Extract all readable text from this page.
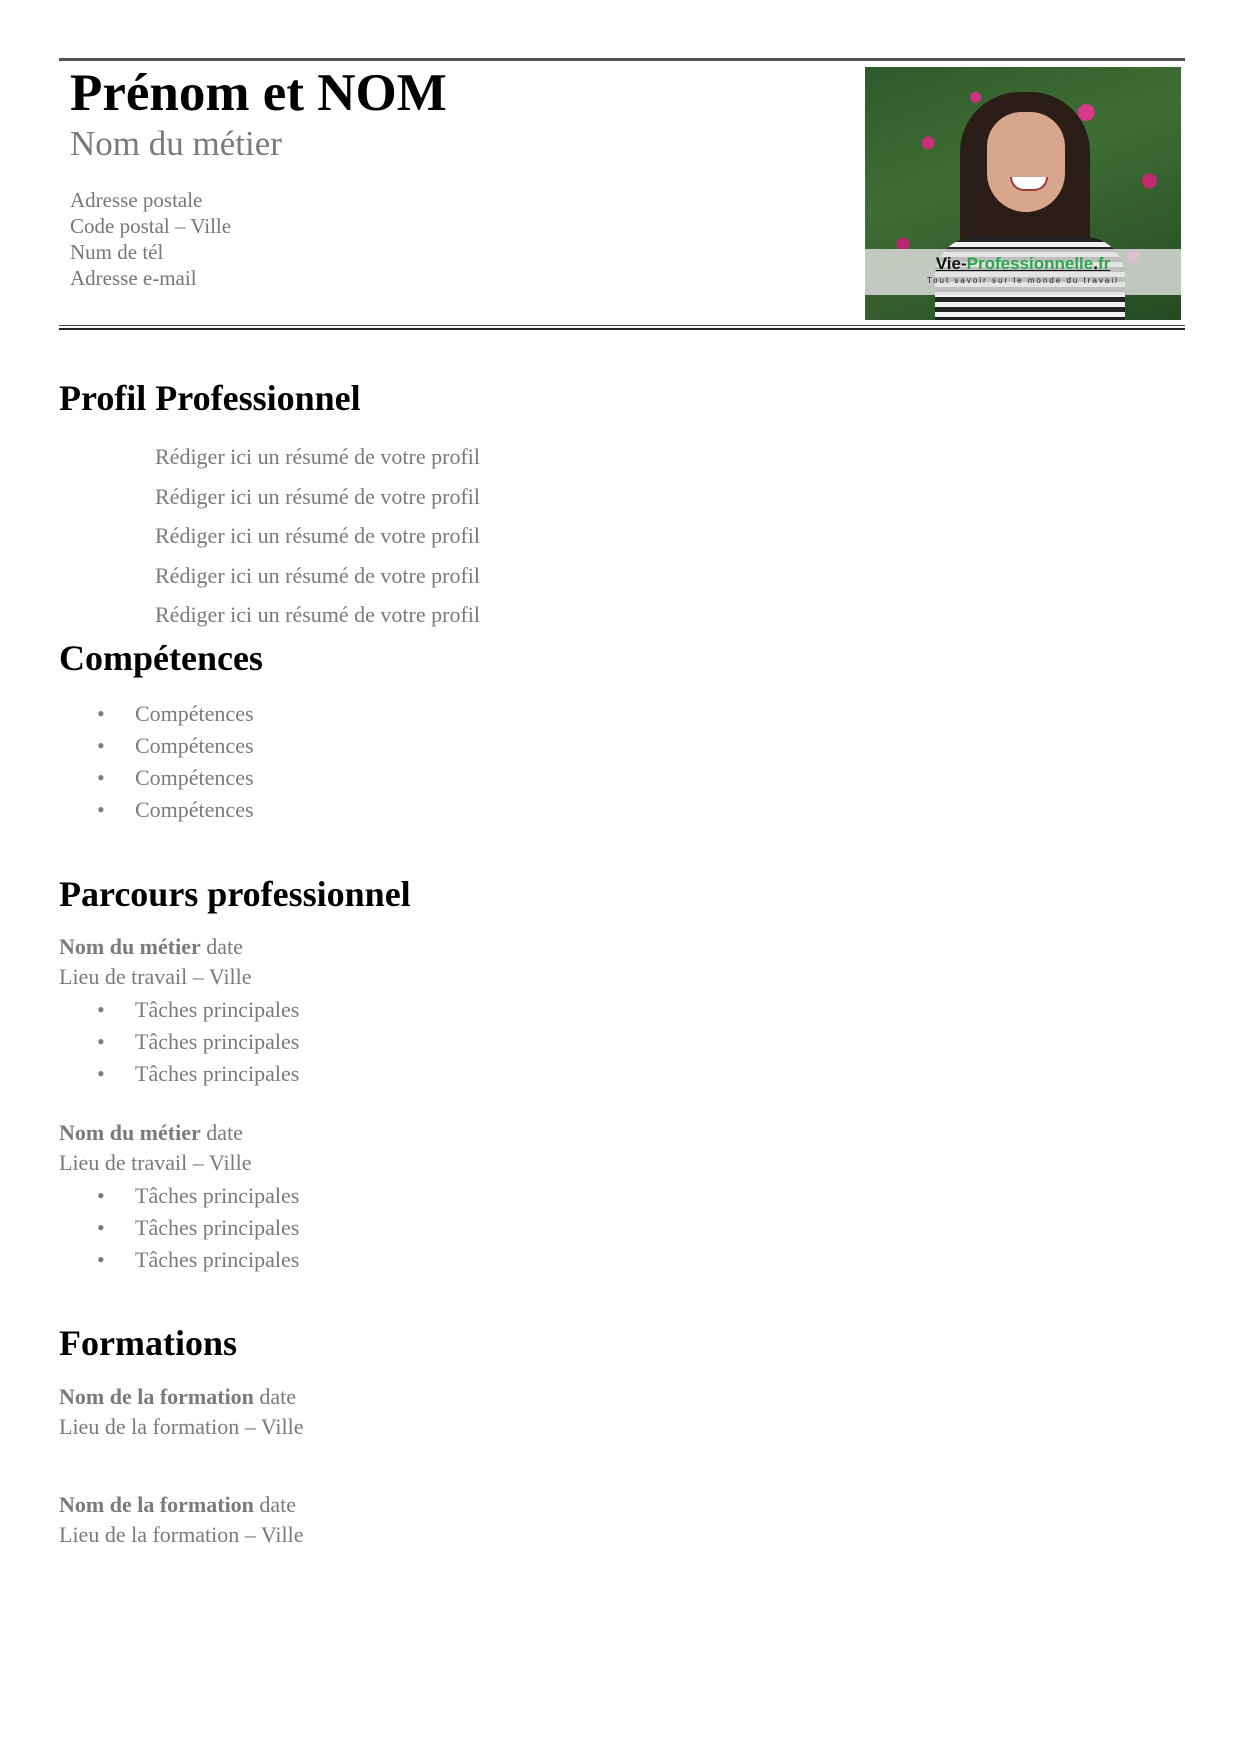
Prénom et NOM

Nom du métier

Adresse postale
Code postal – Ville
Num de tél
Adresse e-mail
Vie-Professionnelle.fr
Tout savoir sur le monde du travail
Profil Professionnel
Rédiger ici un résumé de votre profil
Rédiger ici un résumé de votre profil
Rédiger ici un résumé de votre profil
Rédiger ici un résumé de votre profil
Rédiger ici un résumé de votre profil
Compétences
• Compétences
• Compétences
• Compétences
• Compétences
Parcours professionnel
Nom du métier date
Lieu de travail – Ville
• Tâches principales
• Tâches principales
• Tâches principales
Nom du métier date
Lieu de travail – Ville
• Tâches principales
• Tâches principales
• Tâches principales
Formations
Nom de la formation date
Lieu de la formation – Ville
Nom de la formation date
Lieu de la formation – Ville
